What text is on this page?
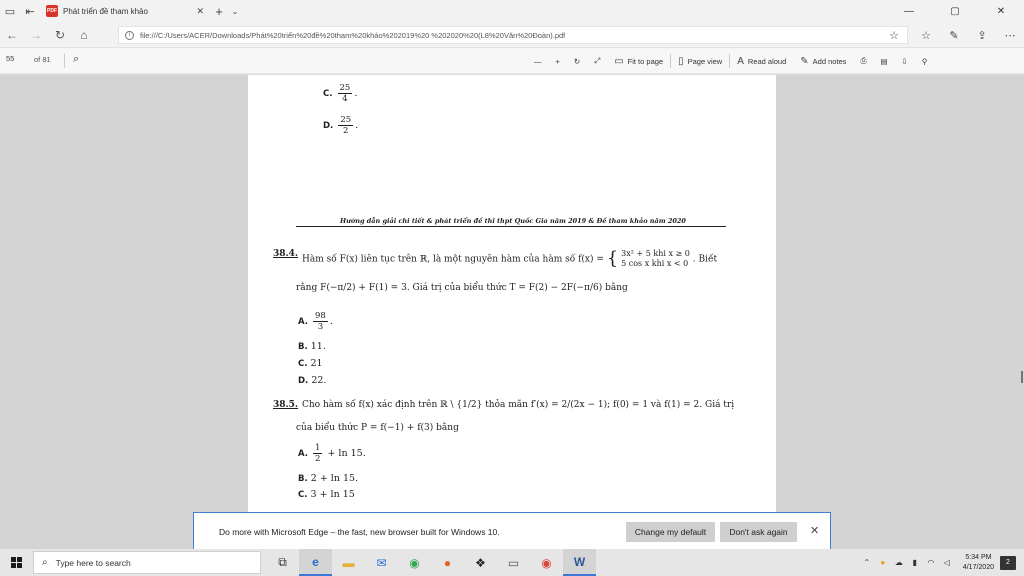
▭ ⇤	PDF Phát triển đề tham khảo	✕ +	⌄	—	▢	✕
←	→	↻	⌂	i	file:///C:/Users/ACER/Downloads/Phát%20triển%20đề%20tham%20khảo%202019%20 %202020%20(L8%20Văn%20Đoàn).pdf	☆	☆	✎	⇪	⋯
55	of 81 ⌕	—	+	↻	⤢	▭ Fit to page ▯ Page view A Read aloud ✎ Add notes	⎙	▤	⇩	⚲
C. $\frac{25}{4}$ .
D. $\frac{25}{2}$ .
Hướng dẫn giải chi tiết & phát triển đề thi thpt Quốc Gia năm 2019 & Đề tham khảo năm 2020
38.4.
Hàm số F(x) liên tục trên ℝ, là một nguyên hàm của hàm số f(x) = { 3x² + 5 khi x ≥ 0
5 cos x khi x < 0 . Biết
rằng F(−π/2) + F(1) = 3. Giá trị của biểu thức T = F(2) − 2F(−π/6) bằng
A. $\frac{98}{3}$ .
B. 11.
C. 21
D. 22.
38.5. Cho hàm số f(x) xác định trên ℝ \ {1/2} thỏa mãn f′(x) = 2/(2x − 1); f(0) = 1 và f(1) = 2. Giá trị
của biểu thức P = f(−1) + f(3) bằng
A. $\frac{1}{2} + \ln 15$.
B. 2 + ln 15.
C. 3 + ln 15
Do more with Microsoft Edge – the fast, new browser built for Windows 10.	Change my default	Don't ask again	✕
⌕ Type here to search	⧉	e	▬	✉	◉	●	❖	▭	◉	W	⌃	●	☁	▮	◠	◁
5:34 PM
4/17/2020
2
